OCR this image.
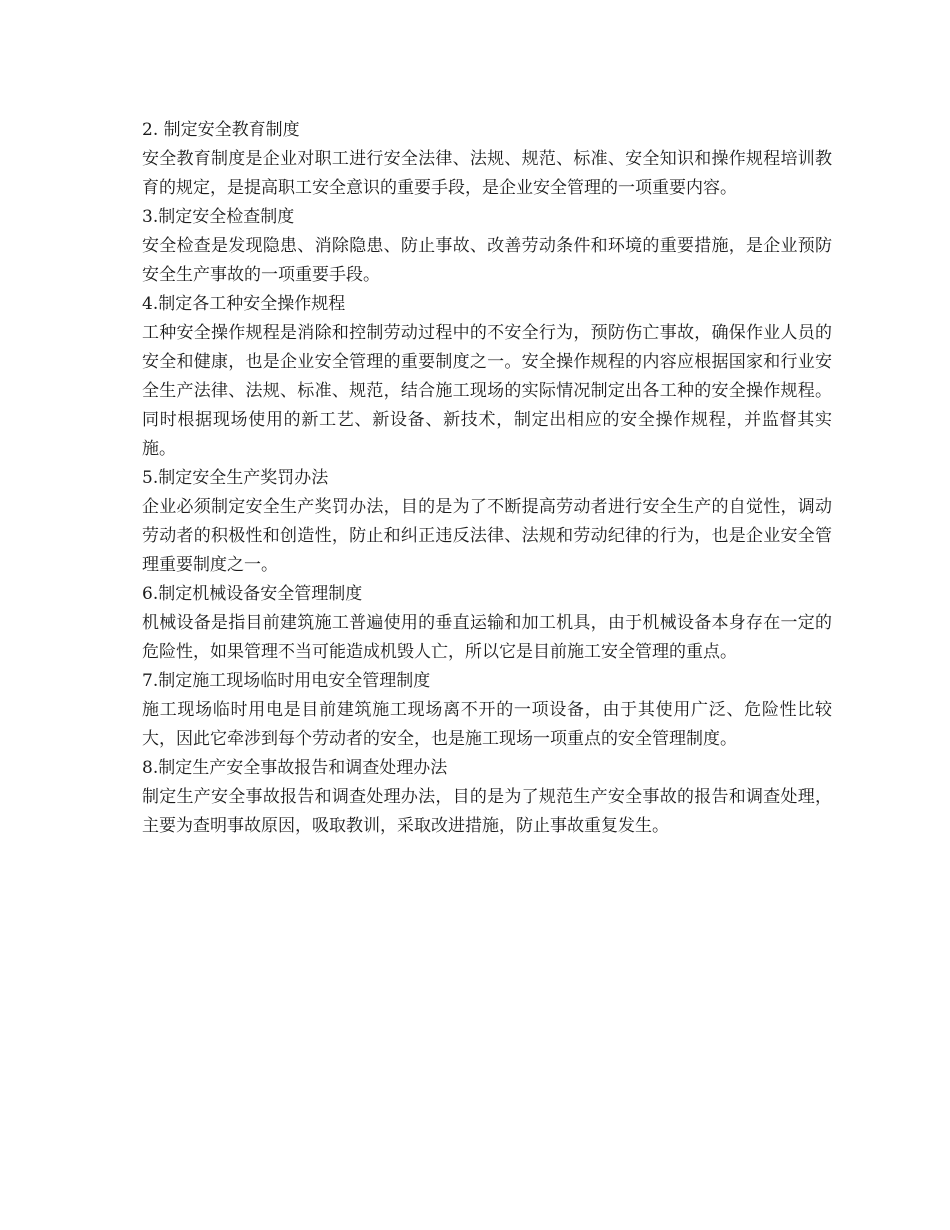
2. 制定安全教育制度

安全教育制度是企业对职工进行安全法律、法规、规范、标准、安全知识和操作规程培训教育的规定，是提高职工安全意识的重要手段，是企业安全管理的一项重要内容。

3.制定安全检查制度

安全检查是发现隐患、消除隐患、防止事故、改善劳动条件和环境的重要措施，是企业预防安全生产事故的一项重要手段。

4.制定各工种安全操作规程

工种安全操作规程是消除和控制劳动过程中的不安全行为，预防伤亡事故，确保作业人员的安全和健康，也是企业安全管理的重要制度之一。安全操作规程的内容应根据国家和行业安全生产法律、法规、标准、规范，结合施工现场的实际情况制定出各工种的安全操作规程。同时根据现场使用的新工艺、新设备、新技术，制定出相应的安全操作规程，并监督其实施。

5.制定安全生产奖罚办法

企业必须制定安全生产奖罚办法，目的是为了不断提高劳动者进行安全生产的自觉性，调动劳动者的积极性和创造性，防止和纠正违反法律、法规和劳动纪律的行为，也是企业安全管理重要制度之一。

6.制定机械设备安全管理制度

机械设备是指目前建筑施工普遍使用的垂直运输和加工机具，由于机械设备本身存在一定的危险性，如果管理不当可能造成机毁人亡，所以它是目前施工安全管理的重点。

7.制定施工现场临时用电安全管理制度

施工现场临时用电是目前建筑施工现场离不开的一项设备，由于其使用广泛、危险性比较大，因此它牵涉到每个劳动者的安全，也是施工现场一项重点的安全管理制度。

8.制定生产安全事故报告和调查处理办法

制定生产安全事故报告和调查处理办法，目的是为了规范生产安全事故的报告和调查处理，主要为查明事故原因，吸取教训，采取改进措施，防止事故重复发生。
